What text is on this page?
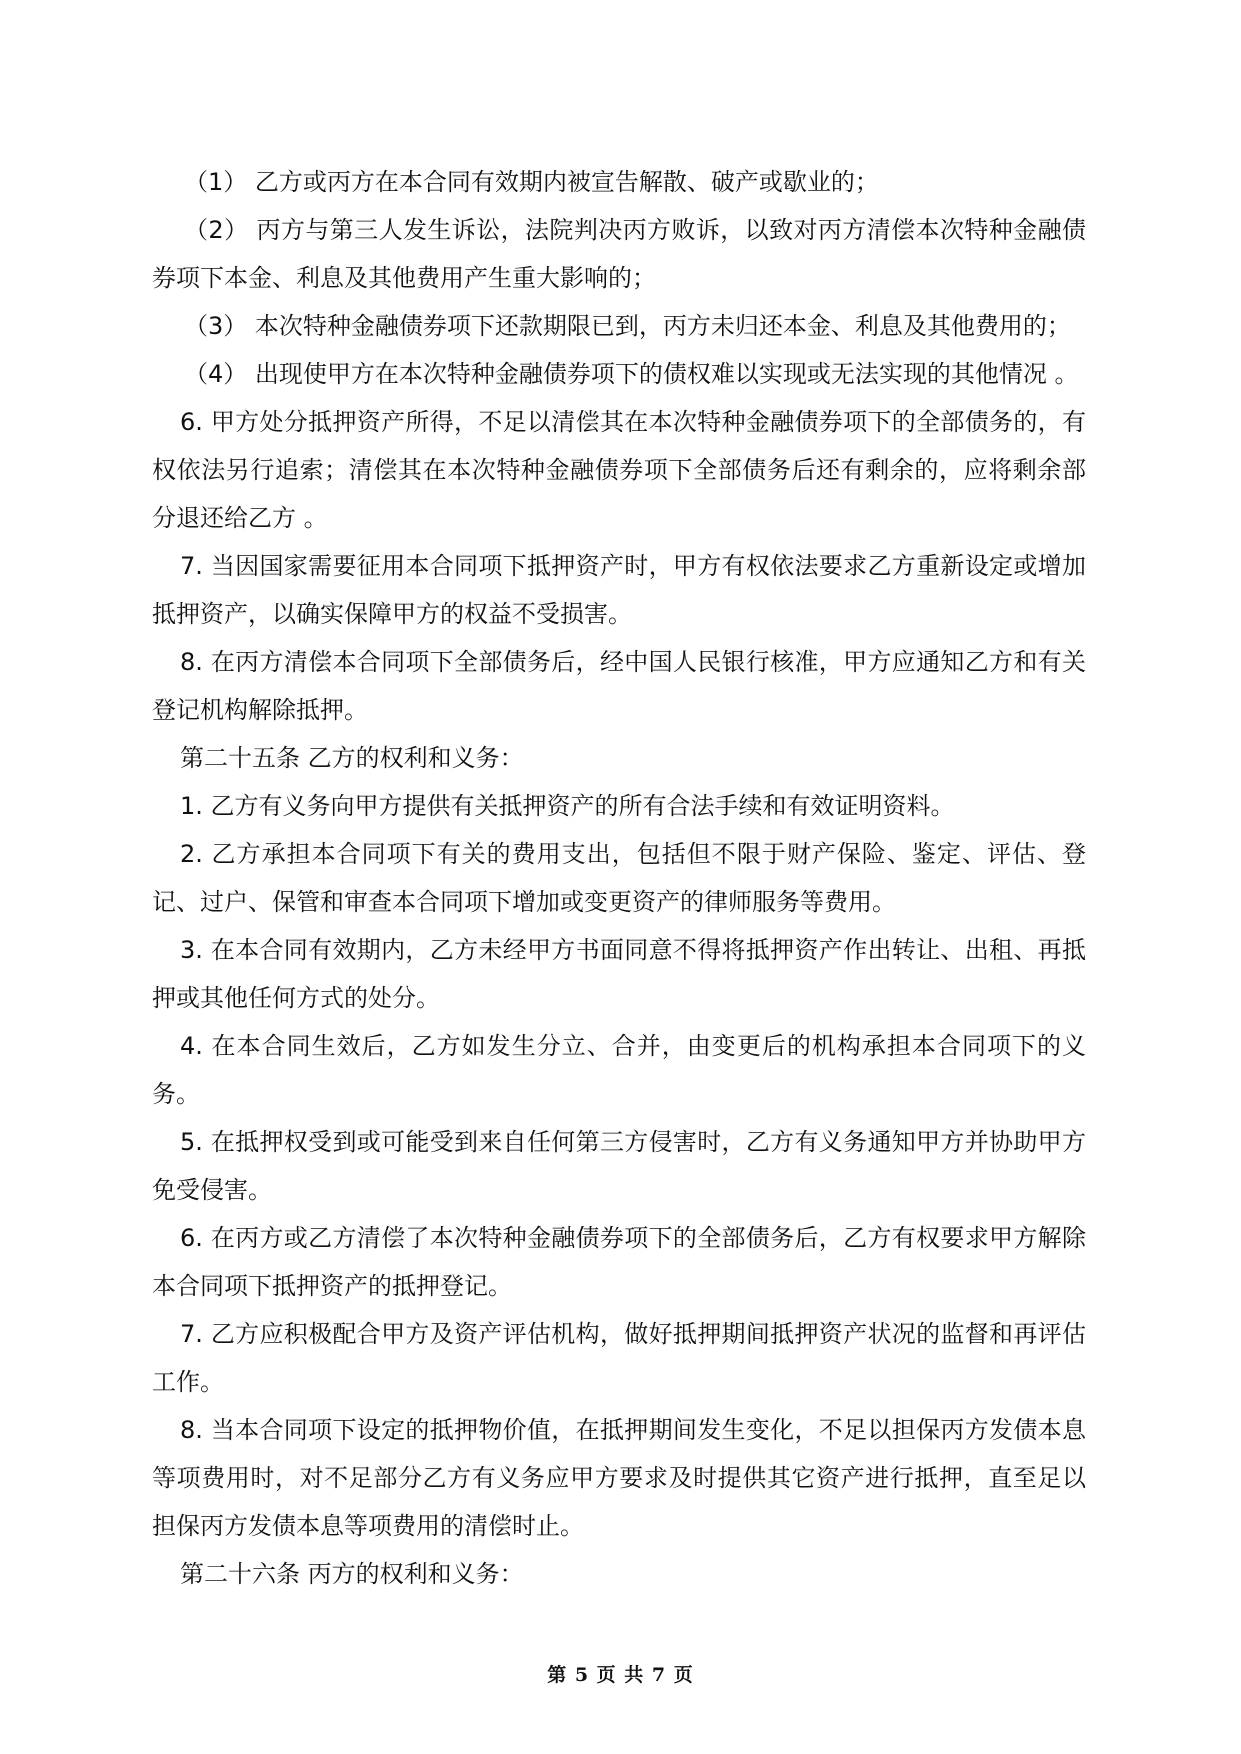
（1） 乙方或丙方在本合同有效期内被宣告解散、破产或歇业的；

（2） 丙方与第三人发生诉讼，法院判决丙方败诉，以致对丙方清偿本次特种金融债券项下本金、利息及其他费用产生重大影响的；

（3） 本次特种金融债券项下还款期限已到，丙方未归还本金、利息及其他费用的；

（4） 出现使甲方在本次特种金融债券项下的债权难以实现或无法实现的其他情况 。

6. 甲方处分抵押资产所得，不足以清偿其在本次特种金融债券项下的全部债务的，有权依法另行追索；清偿其在本次特种金融债券项下全部债务后还有剩余的，应将剩余部分退还给乙方 。

7. 当因国家需要征用本合同项下抵押资产时，甲方有权依法要求乙方重新设定或增加抵押资产，以确实保障甲方的权益不受损害。

8. 在丙方清偿本合同项下全部债务后，经中国人民银行核准，甲方应通知乙方和有关登记机构解除抵押。

第二十五条 乙方的权利和义务：

1. 乙方有义务向甲方提供有关抵押资产的所有合法手续和有效证明资料。

2. 乙方承担本合同项下有关的费用支出，包括但不限于财产保险、鉴定、评估、登记、过户、保管和审查本合同项下增加或变更资产的律师服务等费用。

3. 在本合同有效期内，乙方未经甲方书面同意不得将抵押资产作出转让、出租、再抵押或其他任何方式的处分。

4. 在本合同生效后，乙方如发生分立、合并，由变更后的机构承担本合同项下的义务。

5. 在抵押权受到或可能受到来自任何第三方侵害时，乙方有义务通知甲方并协助甲方免受侵害。

6. 在丙方或乙方清偿了本次特种金融债券项下的全部债务后，乙方有权要求甲方解除本合同项下抵押资产的抵押登记。

7. 乙方应积极配合甲方及资产评估机构，做好抵押期间抵押资产状况的监督和再评估工作。

8. 当本合同项下设定的抵押物价值，在抵押期间发生变化，不足以担保丙方发债本息等项费用时，对不足部分乙方有义务应甲方要求及时提供其它资产进行抵押，直至足以担保丙方发债本息等项费用的清偿时止。

第二十六条 丙方的权利和义务：

第 5 页 共 7 页
